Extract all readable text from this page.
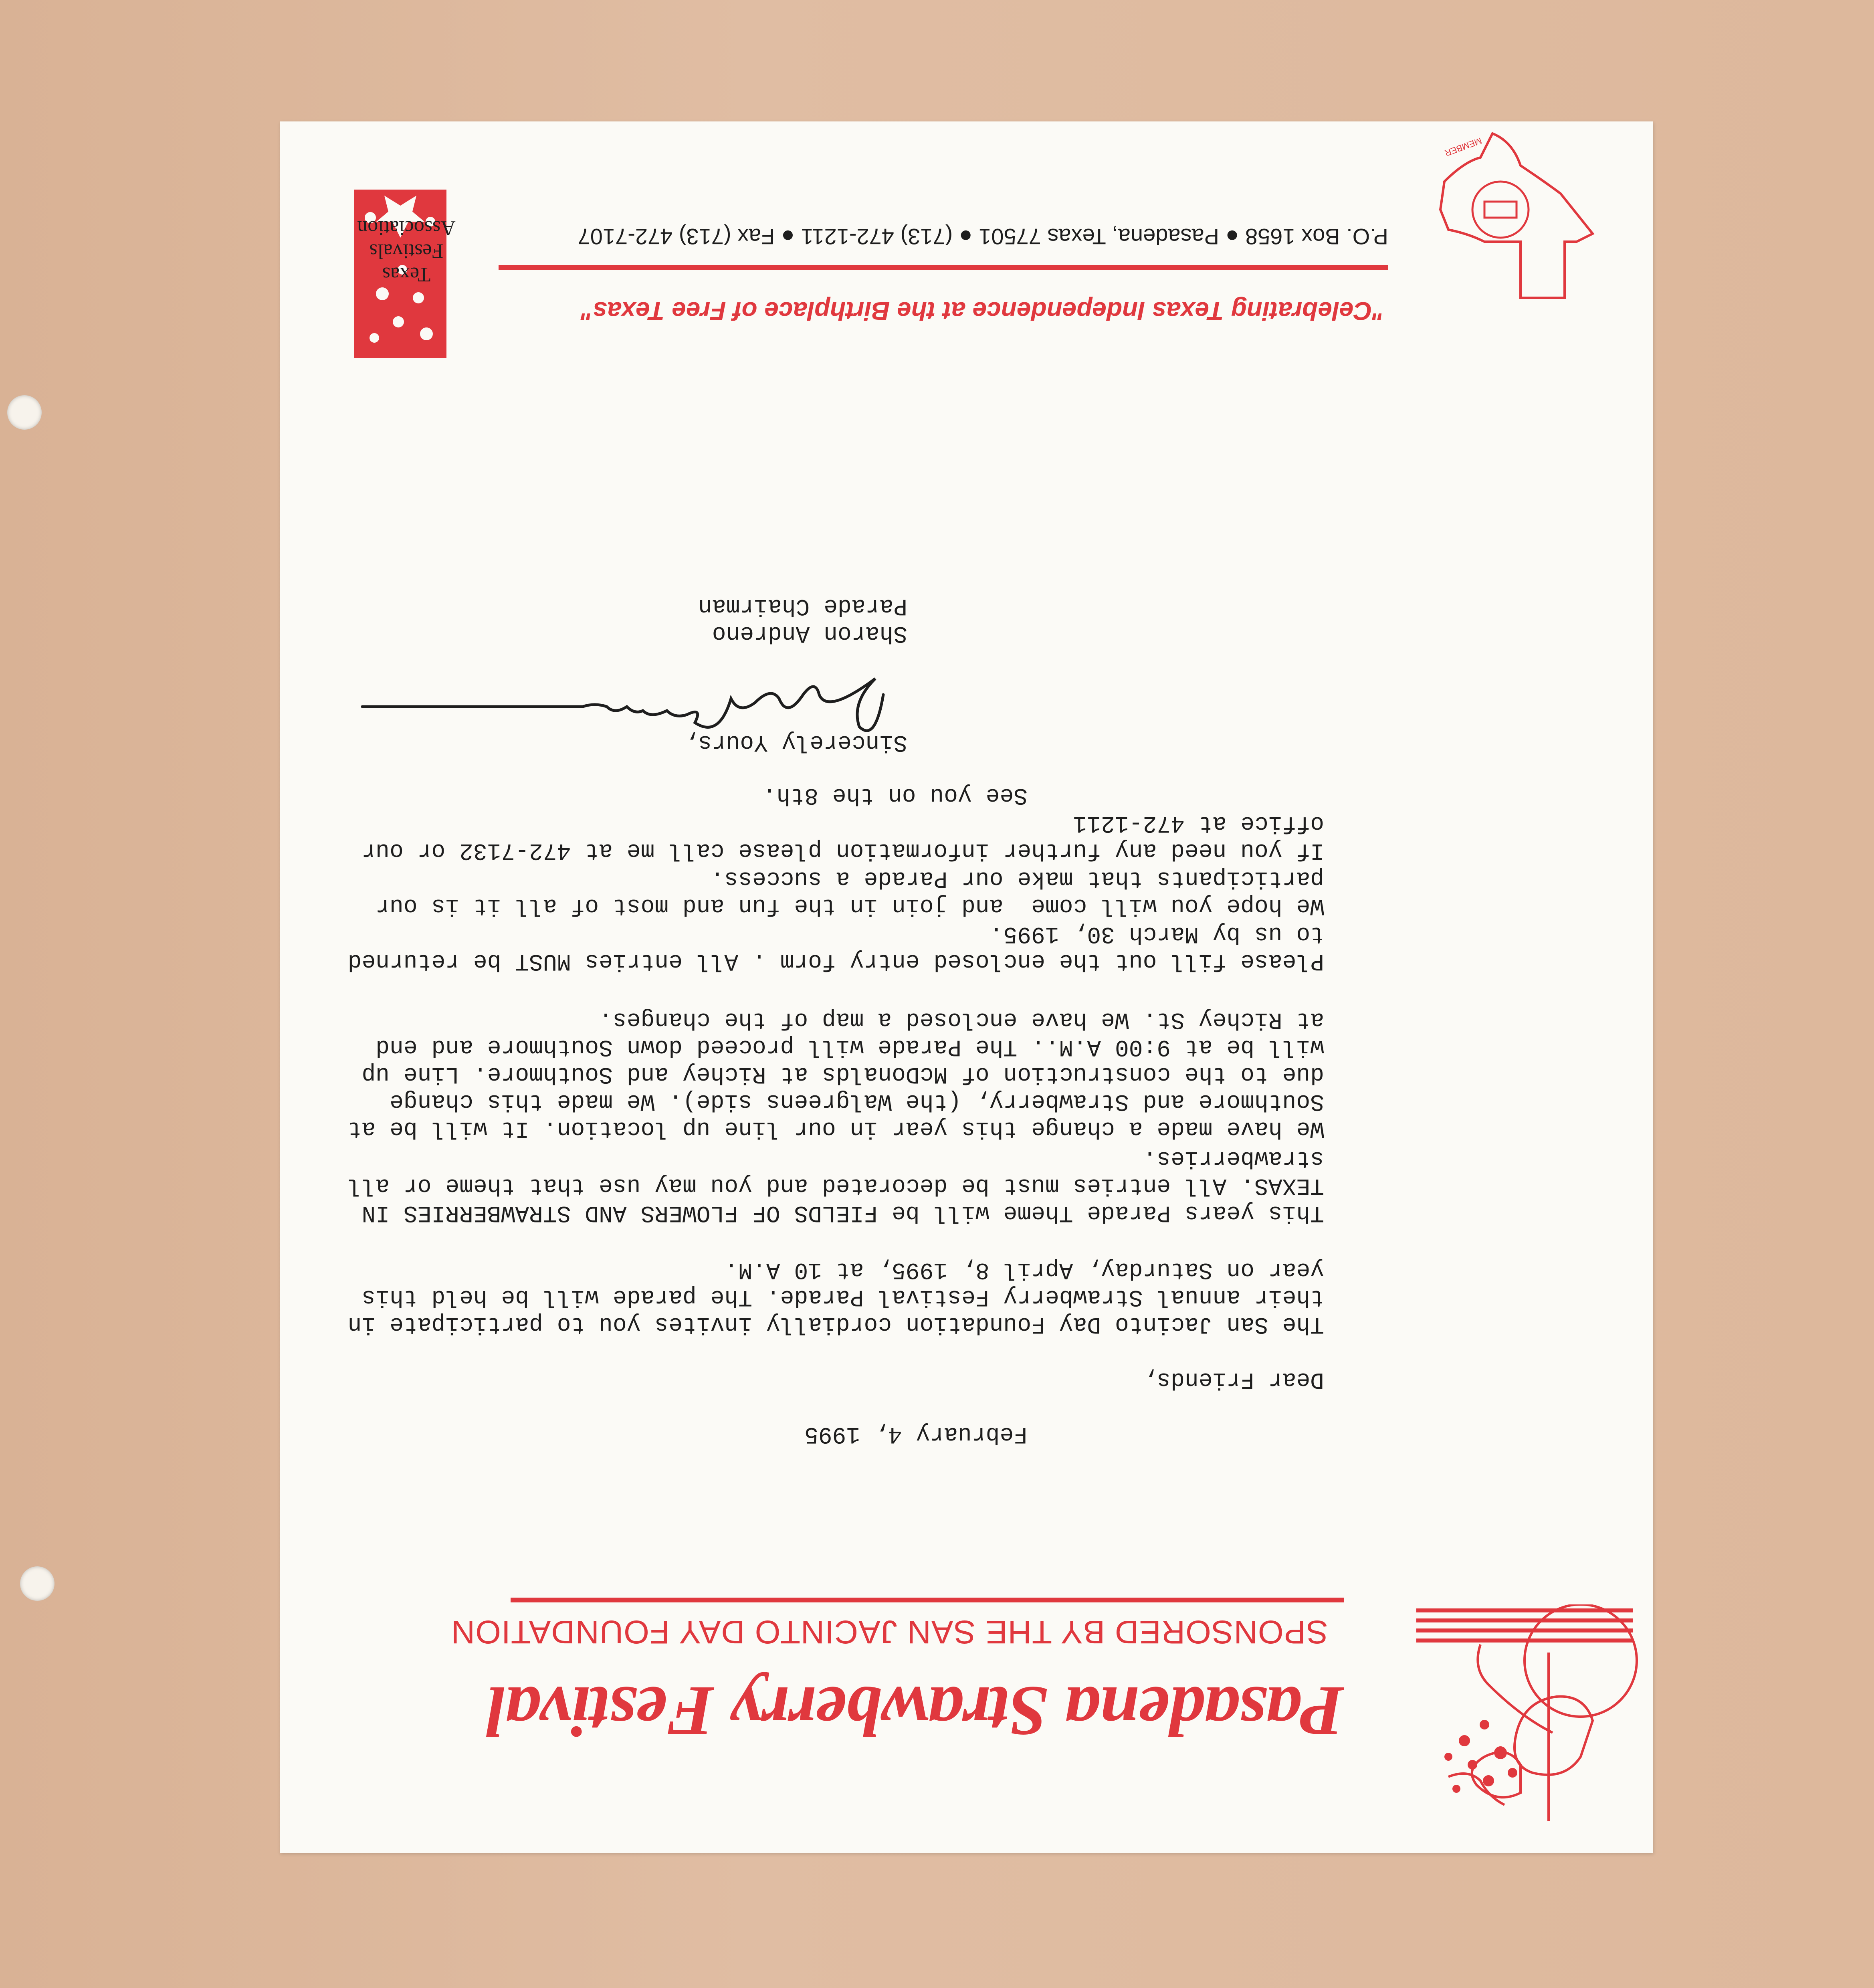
Pasadena Strawberry Festival
SPONSORED BY THE SAN JACINTO DAY FOUNDATION
February 4, 1995
Dear Friends,
The San Jacinto Day Foundation cordially invites you to participate in their annual Strawberry Festival Parade. The parade will be held this year on Saturday, April 8, 1995, at 10 A.M.
This years Parade Theme will be FIELDS OF FLOWERS AND STRAWBERRIES IN TEXAS. All entries must be decorated and you may use that theme or all strawberries.
We have made a change this year in our line up location. It will be at Southmore and Strawberry, (the Walgreens side). We made this change due to the construction of McDonalds at Richey and Southmore. Line up will be at 9:00 A.M.. The Parade will proceed down Southmore and end at Richey St. We have enclosed a map of the changes.
Please fill out the enclosed entry form . All entries MUST be returned to us by March 30, 1995.
We hope you will come  and join in the fun and most of all it is our participants that make our Parade a success.
If you need any further information please call me at 472-7132 or our office at 472-1211
See you on the 8th.
Sincerely Yours,
Sharon Andreno
Parade Chairman
MEMBER
"Celebrating Texas Independence at the Birthplace of Free Texas"
P.O. Box 1658 ● Pasadena, Texas 77501 ● (713) 472-1211 ● Fax (713) 472-7107
Texas Festivals Association
